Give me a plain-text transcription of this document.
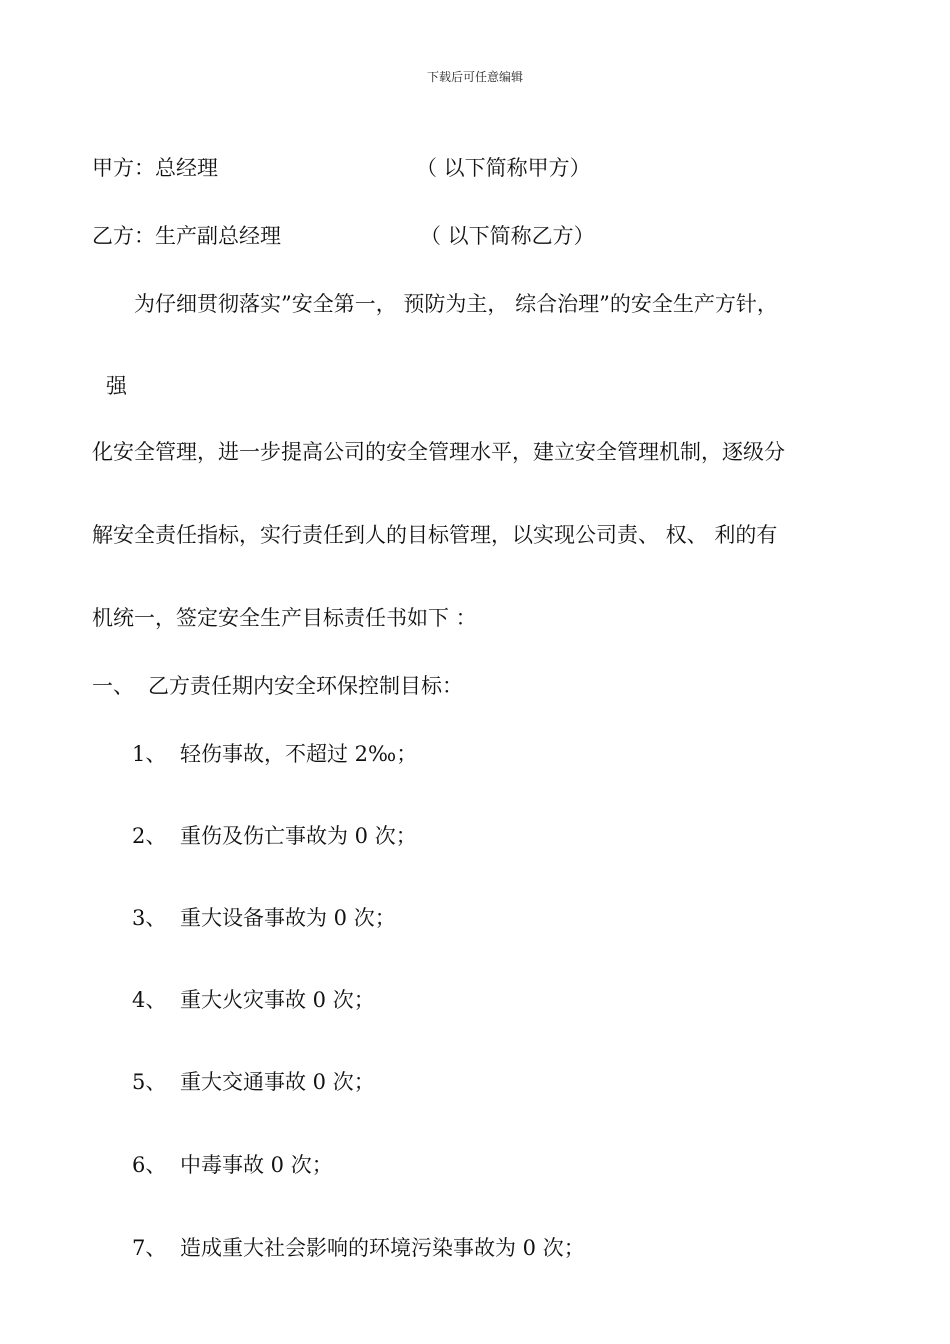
下载后可任意编辑
甲方：总经理	（ 以下简称甲方）
乙方：生产副总经理	（ 以下简称乙方）
为仔细贯彻落实”安全第一， 预防为主， 综合治理”的安全生产方针，
强
化安全管理，进一步提高公司的安全管理水平，建立安全管理机制，逐级分
解安全责任指标，实行责任到人的目标管理，以实现公司责、 权、 利的有
机统一，签定安全生产目标责任书如下 ：
一、 乙方责任期内安全环保控制目标：
1、 轻伤事故，不超过 2‰；
2、 重伤及伤亡事故为 0 次；
3、 重大设备事故为 0 次；
4、 重大火灾事故 0 次；
5、 重大交通事故 0 次；
6、 中毒事故 0 次；
7、 造成重大社会影响的环境污染事故为 0 次；
